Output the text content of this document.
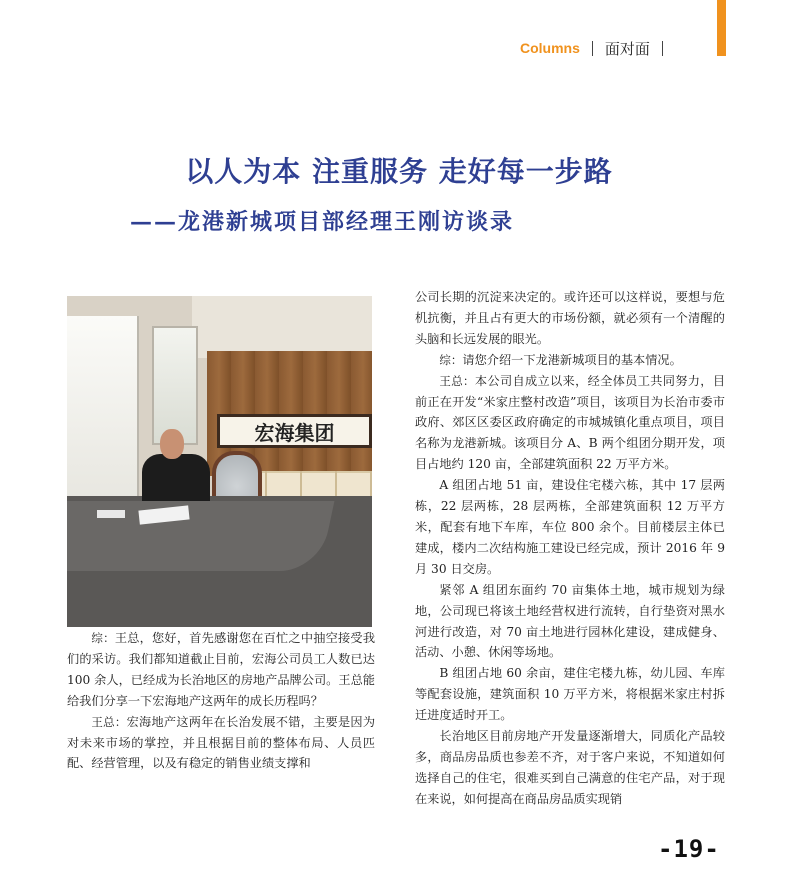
Columns 面对面
以人为本 注重服务 走好每一步路
——龙港新城项目部经理王刚访谈录
宏海集团

综：王总，您好，首先感谢您在百忙之中抽空接受我们的采访。我们都知道截止目前，宏海公司员工人数已达 100 余人，已经成为长治地区的房地产品牌公司。王总能给我们分享一下宏海地产这两年的成长历程吗？

王总：宏海地产这两年在长治发展不错，主要是因为对未来市场的掌控，并且根据目前的整体布局、人员匹配、经营管理，以及有稳定的销售业绩支撑和

公司长期的沉淀来决定的。或许还可以这样说，要想与危机抗衡，并且占有更大的市场份额，就必须有一个清醒的头脑和长远发展的眼光。

综：请您介绍一下龙港新城项目的基本情况。

王总：本公司自成立以来，经全体员工共同努力，目前正在开发“米家庄整村改造”项目，该项目为长治市委市政府、郊区区委区政府确定的市城城镇化重点项目，项目名称为龙港新城。该项目分 A、B 两个组团分期开发，项目占地约 120 亩，全部建筑面积 22 万平方米。

A 组团占地 51 亩，建设住宅楼六栋，其中 17 层两栋，22 层两栋，28 层两栋，全部建筑面积 12 万平方米，配套有地下车库，车位 800 余个。目前楼层主体已建成，楼内二次结构施工建设已经完成，预计 2016 年 9 月 30 日交房。

紧邻 A 组团东面约 70 亩集体土地，城市规划为绿地，公司现已将该土地经营权进行流转，自行垫资对黑水河进行改造，对 70 亩土地进行园林化建设，建成健身、活动、小憩、休闲等场地。

B 组团占地 60 余亩，建住宅楼九栋，幼儿园、车库等配套设施，建筑面积 10 万平方米，将根据米家庄村拆迁进度适时开工。

长治地区目前房地产开发量逐渐增大，同质化产品较多，商品房品质也参差不齐，对于客户来说，不知道如何选择自己的住宅，很难买到自己满意的住宅产品，对于现在来说，如何提高在商品房品质实现销

-19-
